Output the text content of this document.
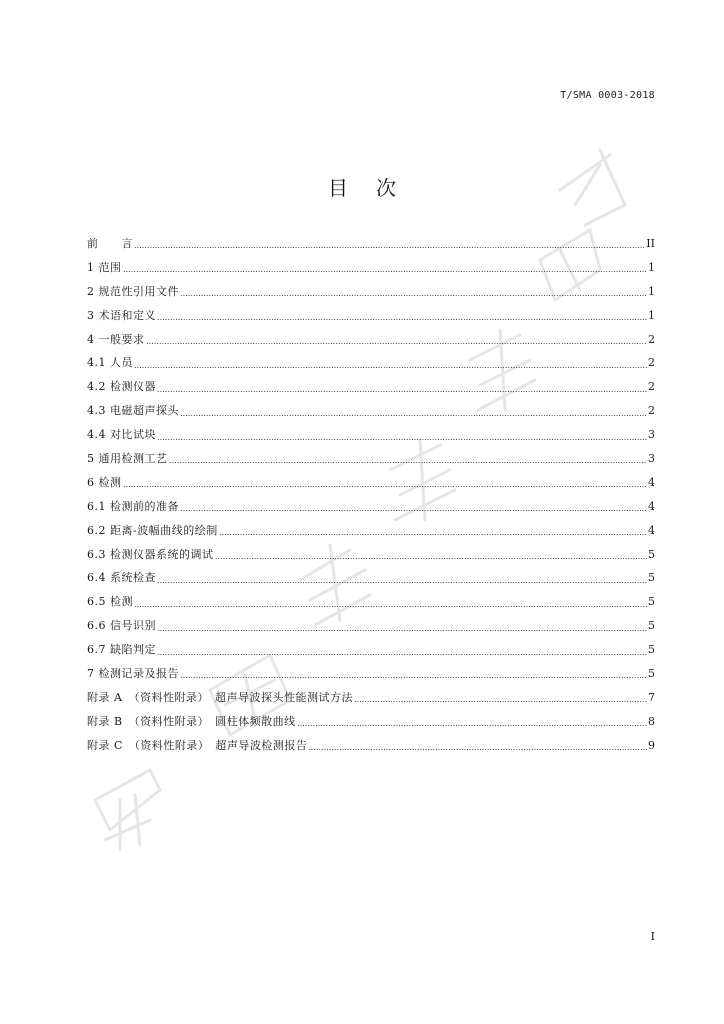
T/SMA 0003-2018
目次
前　　言	II
1 范围	1
2 规范性引用文件	1
3 术语和定义	1
4 一般要求	2
4.1 人员	2
4.2 检测仪器	2
4.3 电磁超声探头	2
4.4 对比试块	3
5 通用检测工艺	3
6 检测	4
6.1 检测前的准备	4
6.2 距离-波幅曲线的绘制	4
6.3 检测仪器系统的调试	5
6.4 系统检查	5
6.5 检测	5
6.6 信号识别	5
6.7 缺陷判定	5
7 检测记录及报告	5
附录 A　（资料性附录）　超声导波探头性能测试方法	7
附录 B　（资料性附录）　圆柱体频散曲线	8
附录 C　（资料性附录）　超声导波检测报告	9
I
